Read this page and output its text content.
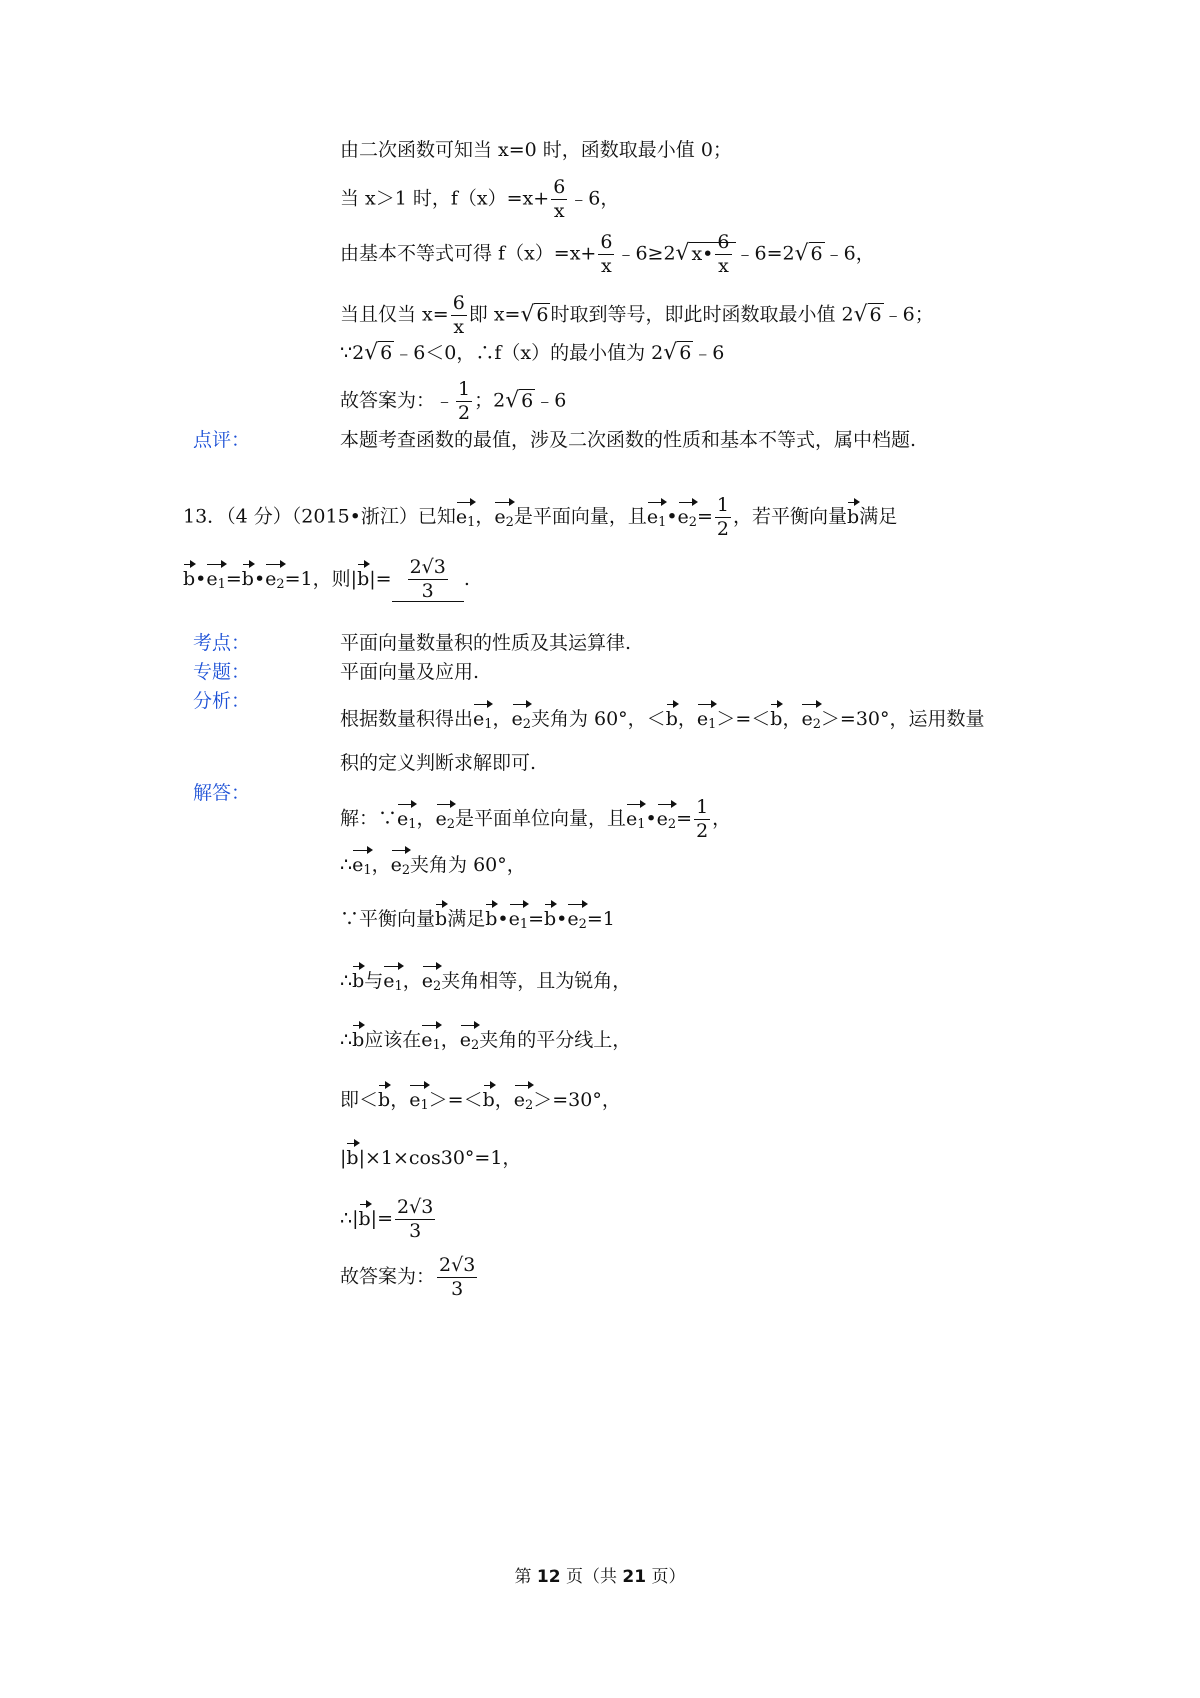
由二次函数可知当 x=0 时，函数取最小值 0；
当 x＞1 时，$f(x)=x+ \frac{6}{x}$ ﹣6，
由基本不等式可得 $f(x)=x+ \frac{6}{x}$ ﹣6≥2√ x• $\frac{6}{x}$ ﹣6=2√ 6 ﹣6，
当且仅当 $x= \frac{6}{x}$ 即 x=√ 6 时取到等号，即此时函数取最小值 2√ 6 ﹣6；
∵2√ 6 ﹣6＜0，∴f（x）的最小值为 2√ 6 ﹣6
故答案为：﹣ $\frac{1}{2}$ ；2√ 6 ﹣6
点评：	本题考查函数的最值，涉及二次函数的性质和基本不等式，属中档题.
13．（4 分）（2015•浙江）已知$e_1$，$e_2$是平面向量，且$e_1•e_2= \frac{1}{2}$ ，若平衡向量b满足
$b•e_1=b•e_2=1$，则$|b|= \frac{2√3}{3}$ .
考点：	平面向量数量积的性质及其运算律.
专题：	平面向量及应用.
分析：
根据数量积得出$e_1$，$e_2$夹角为 60°，＜b，$e_1>=<b$，$e_2>=30^\circ$，运用数量
积的定义判断求解即可.
解答：
解：$\because e_1$，$e_2$是平面单位向量，且$e_1•e_2= \frac{1}{2}$ ，
$\therefore e_1$，$e_2$夹角为 60°，
∵平衡向量b满足$b•e_1=b•e_2=1$
∴b与$e_1$，$e_2$夹角相等，且为锐角，
∴b应该在$e_1$，$e_2$夹角的平分线上，
即＜b，$e_1>=<b$，$e_2>=30^\circ$，
|b|×1×cos30°=1，
∴|b|= $\frac{2√3}{3}$
故答案为： $\frac{2√3}{3}$
第 12 页（共 21 页）
